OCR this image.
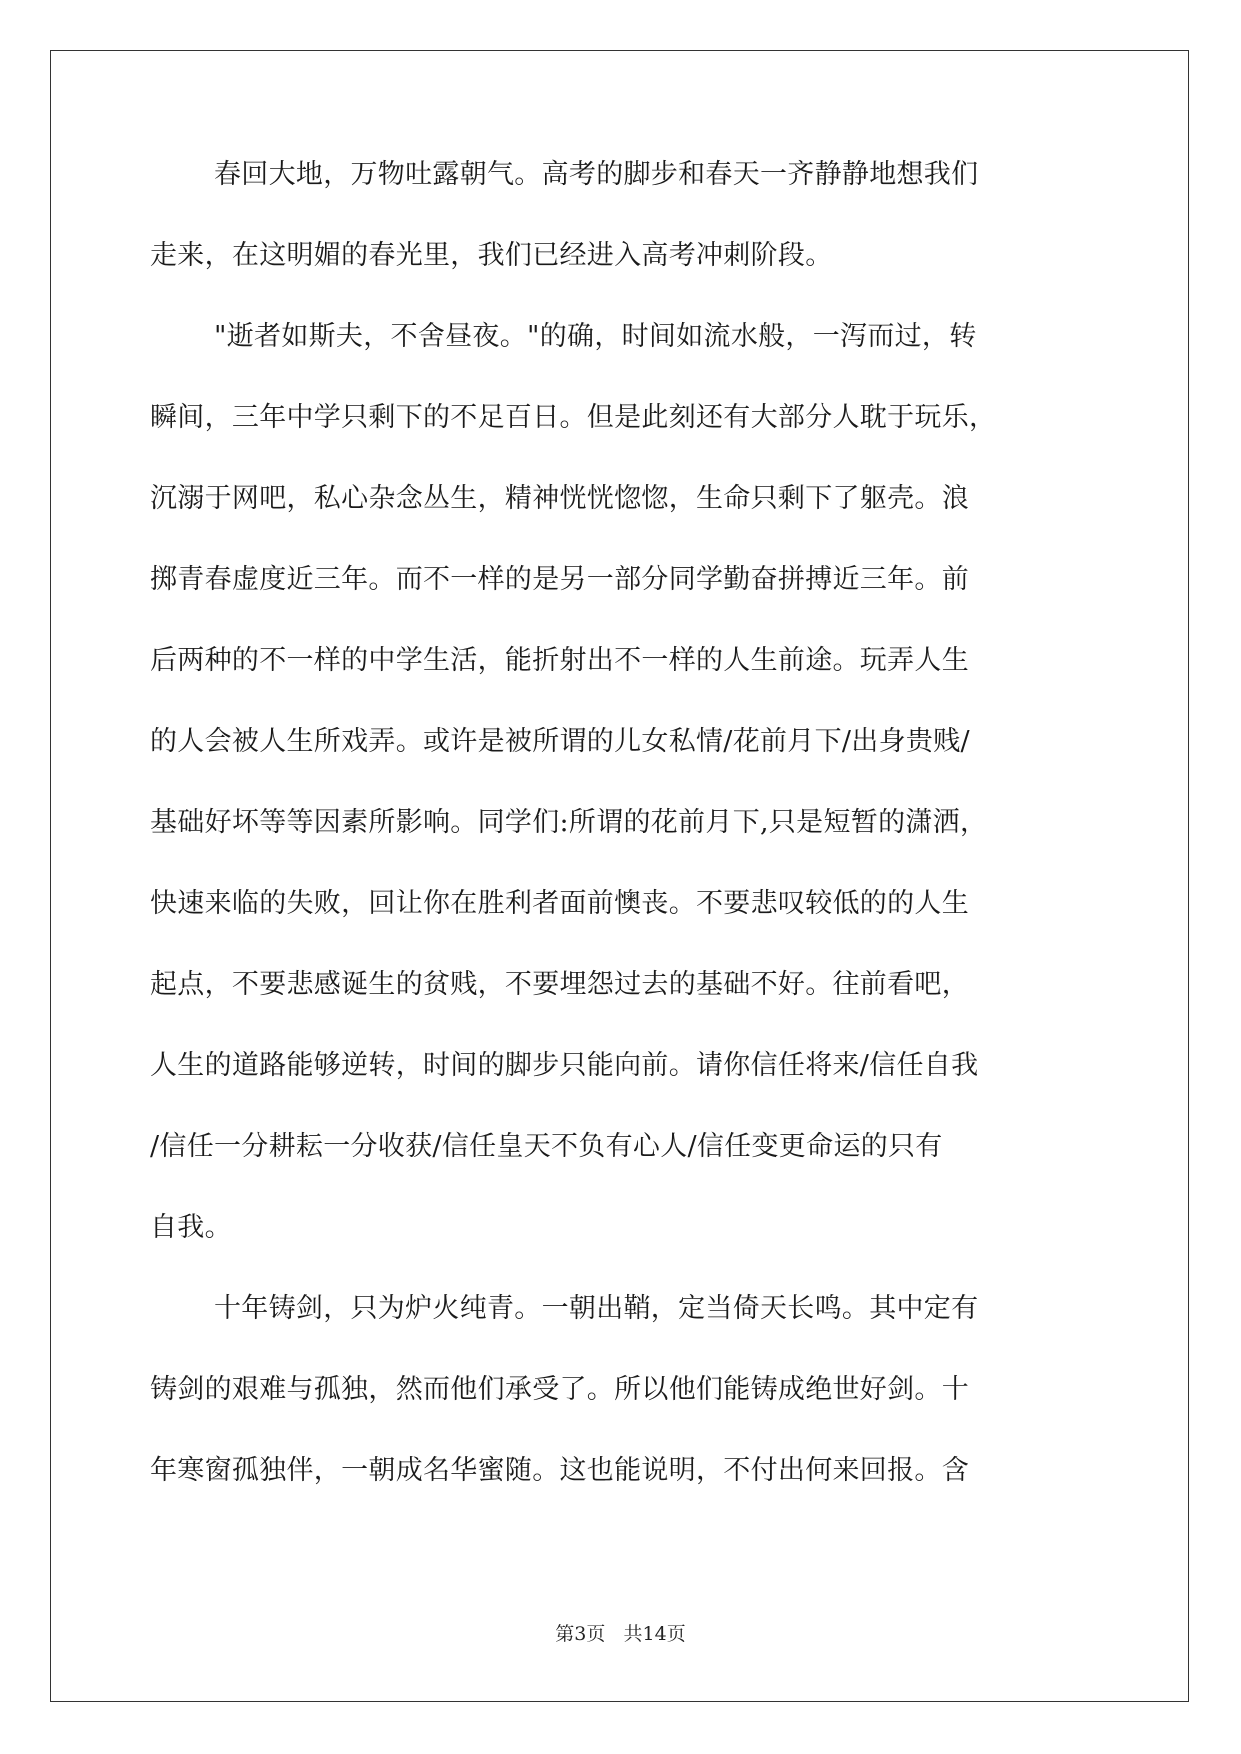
春回大地，万物吐露朝气。高考的脚步和春天一齐静静地想我们
走来，在这明媚的春光里，我们已经进入高考冲刺阶段。
"逝者如斯夫，不舍昼夜。"的确，时间如流水般，一泻而过，转
瞬间，三年中学只剩下的不足百日。但是此刻还有大部分人耽于玩乐，
沉溺于网吧，私心杂念丛生，精神恍恍惚惚，生命只剩下了躯壳。浪
掷青春虚度近三年。而不一样的是另一部分同学勤奋拼搏近三年。前
后两种的不一样的中学生活，能折射出不一样的人生前途。玩弄人生
的人会被人生所戏弄。或许是被所谓的儿女私情/花前月下/出身贵贱/
基础好坏等等因素所影响。同学们:所谓的花前月下,只是短暂的潇洒，
快速来临的失败，回让你在胜利者面前懊丧。不要悲叹较低的的人生
起点，不要悲感诞生的贫贱，不要埋怨过去的基础不好。往前看吧，
人生的道路能够逆转，时间的脚步只能向前。请你信任将来/信任自我
/信任一分耕耘一分收获/信任皇天不负有心人/信任变更命运的只有
自我。
十年铸剑，只为炉火纯青。一朝出鞘，定当倚天长鸣。其中定有
铸剑的艰难与孤独，然而他们承受了。所以他们能铸成绝世好剑。十
年寒窗孤独伴，一朝成名华蜜随。这也能说明，不付出何来回报。含
第3页 共14页
